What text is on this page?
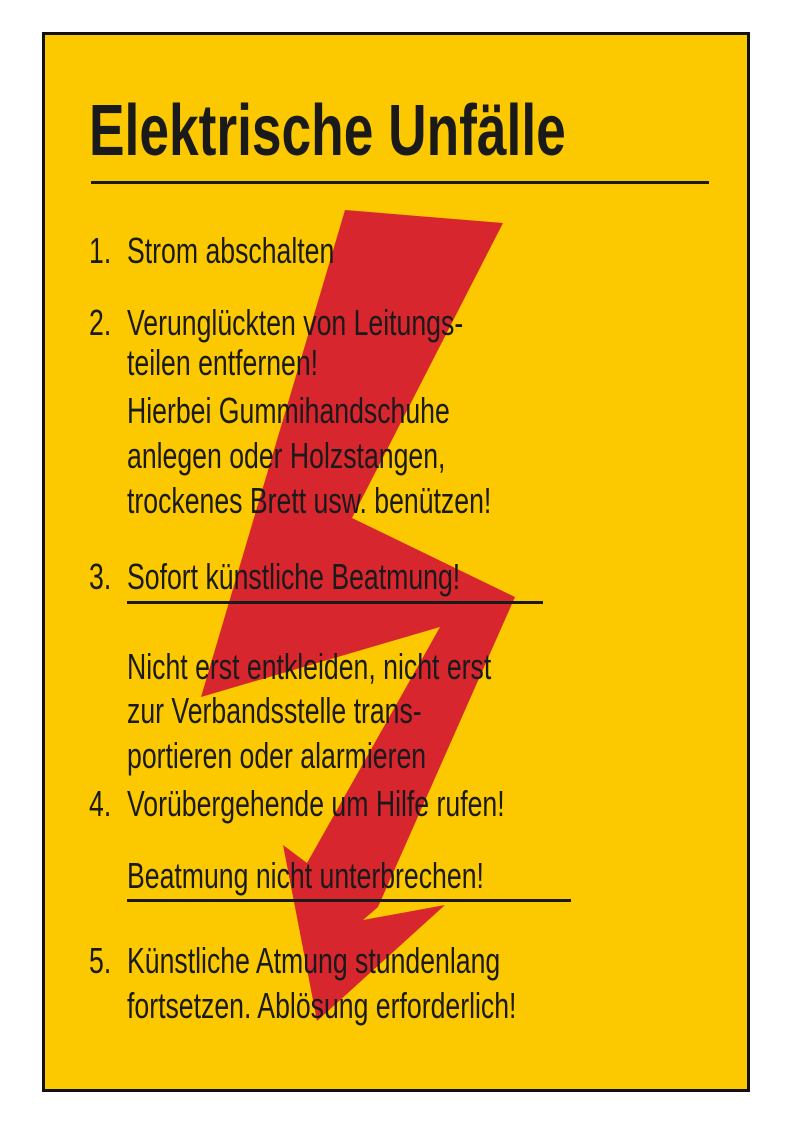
Elektrische Unfälle
1. Strom abschalten
2. Verunglückten von Leitungs-
teilen entfernen!
Hierbei Gummihandschuhe
anlegen oder Holzstangen,
trockenes Brett usw. benützen!
3. Sofort künstliche Beatmung!
Nicht erst entkleiden, nicht erst
zur Verbandsstelle trans-
portieren oder alarmieren
4. Vorübergehende um Hilfe rufen!
Beatmung nicht unterbrechen!
5. Künstliche Atmung stundenlang
fortsetzen. Ablösung erforderlich!
